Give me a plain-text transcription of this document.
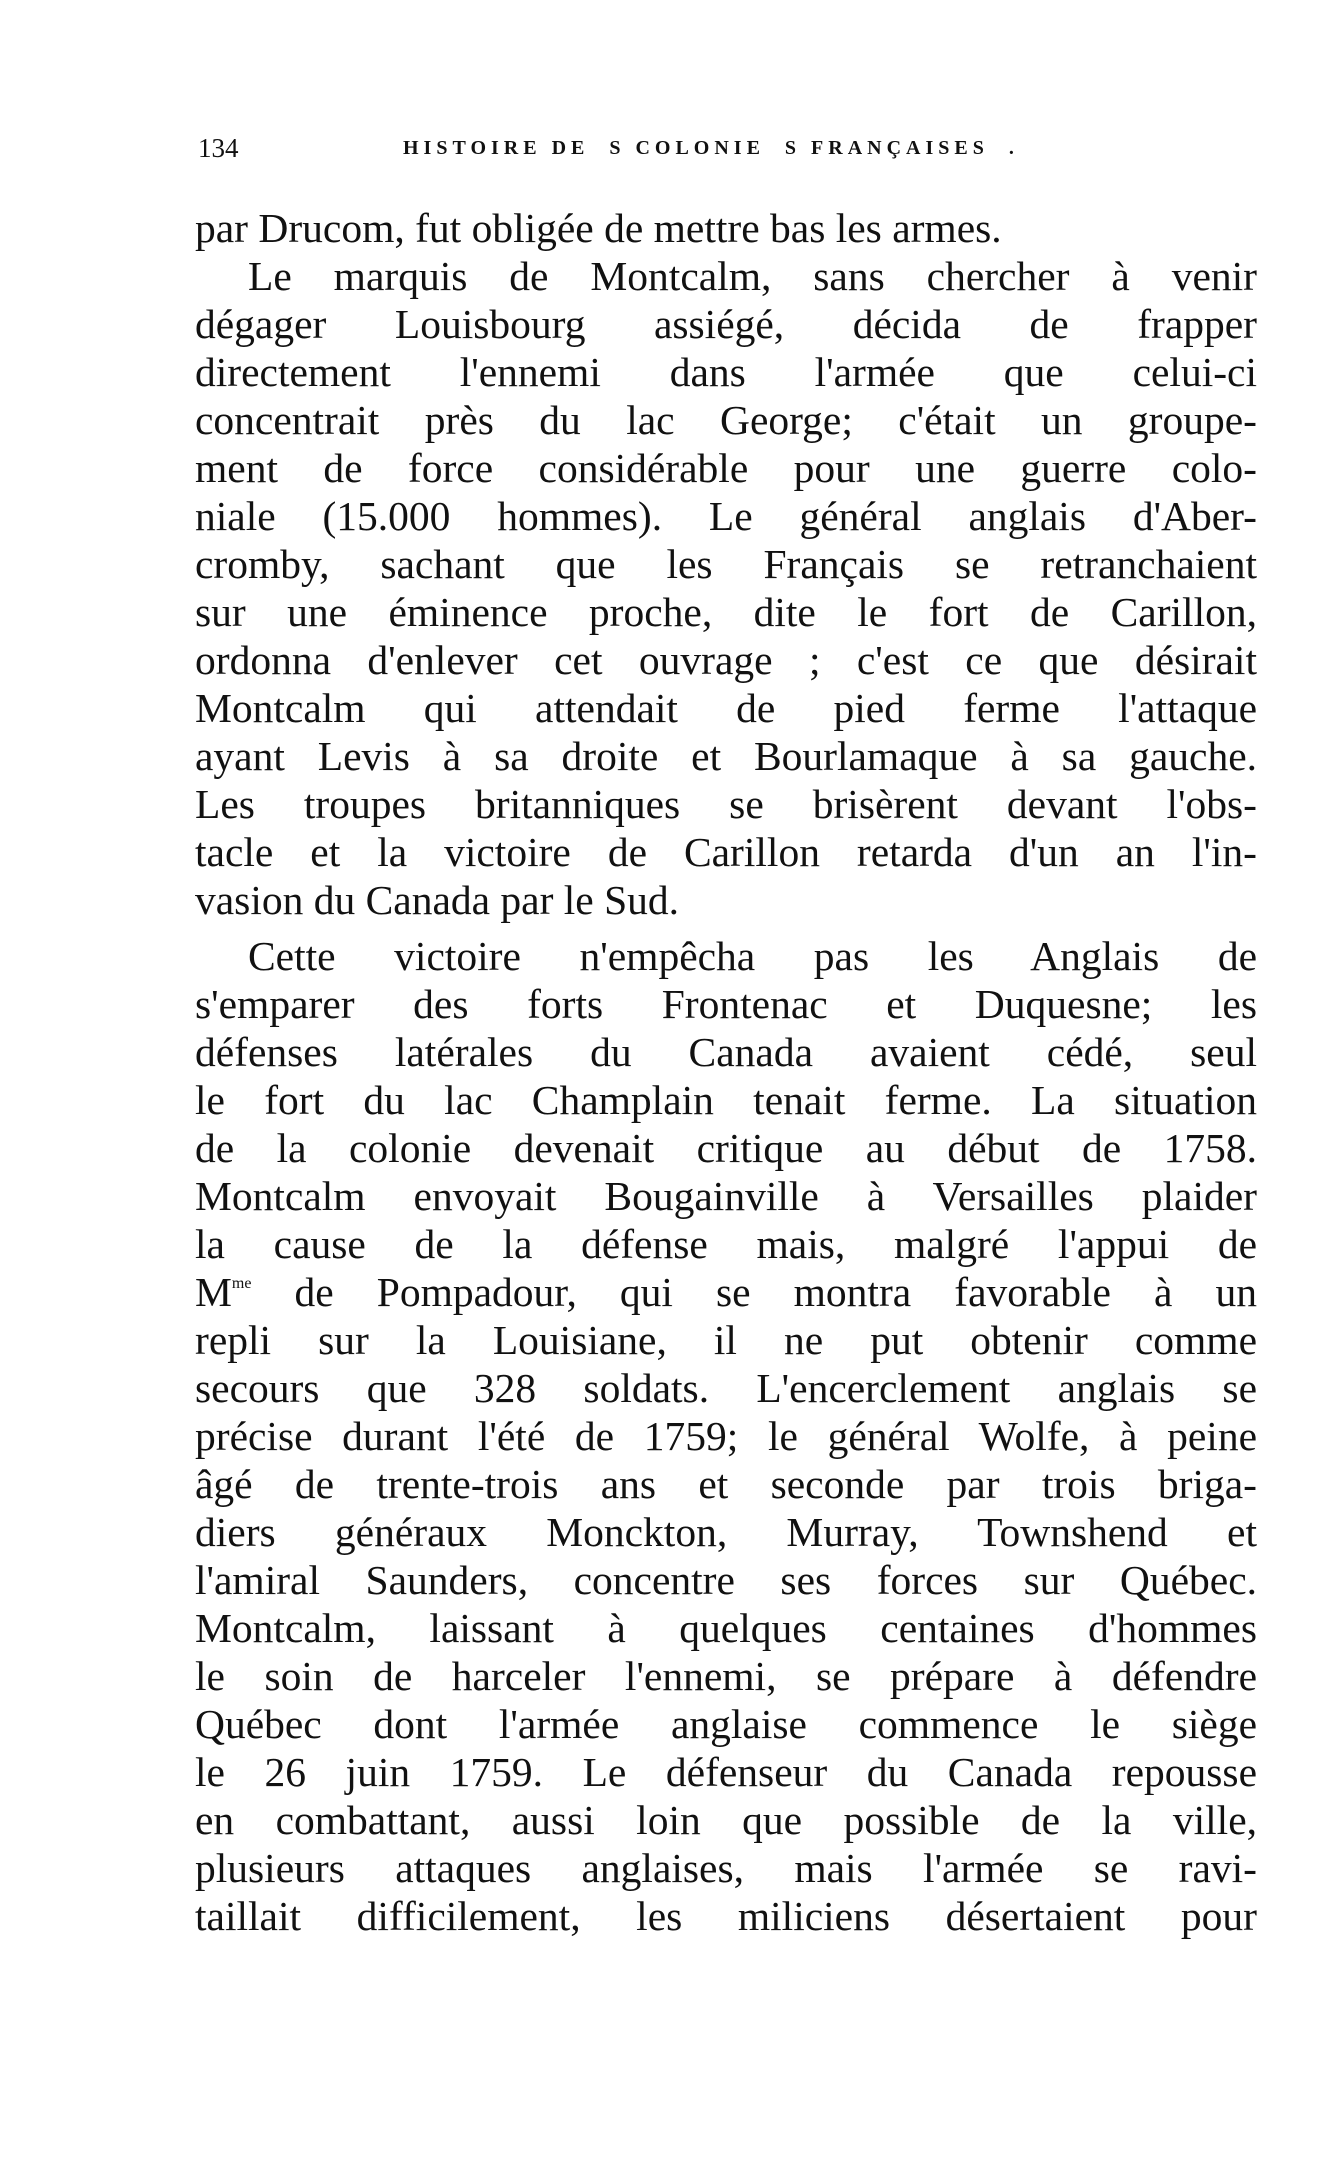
134	HISTOIRE DE  S COLONIE  S FRANÇAISES  .
par Drucom, fut obligée de mettre bas les armes.
Le marquis de Montcalm, sans chercher à venir
dégager Louisbourg assiégé, décida de frapper
directement l'ennemi dans l'armée que celui-ci
concentrait près du lac George; c'était un groupe-
ment de force considérable pour une guerre colo-
niale (15.000 hommes). Le général anglais d'Aber-
cromby, sachant que les Français se retranchaient
sur une éminence proche, dite le fort de Carillon,
ordonna d'enlever cet ouvrage ; c'est ce que désirait
Montcalm qui attendait de pied ferme l'attaque
ayant Levis à sa droite et Bourlamaque à sa gauche.
Les troupes britanniques se brisèrent devant l'obs-
tacle et la victoire de Carillon retarda d'un an l'in-
vasion du Canada par le Sud.
Cette victoire n'empêcha pas les Anglais de
s'emparer des forts Frontenac et Duquesne; les
défenses latérales du Canada avaient cédé, seul
le fort du lac Champlain tenait ferme. La situation
de la colonie devenait critique au début de 1758.
Montcalm envoyait Bougainville à Versailles plaider
la cause de la défense mais, malgré l'appui de
$M^{me}$ de Pompadour, qui se montra favorable à un
repli sur la Louisiane, il ne put obtenir comme
secours que 328 soldats. L'encerclement anglais se
précise durant l'été de 1759; le général Wolfe, à peine
âgé de trente-trois ans et seconde par trois briga-
diers généraux Monckton, Murray, Townshend et
l'amiral Saunders, concentre ses forces sur Québec.
Montcalm, laissant à quelques centaines d'hommes
le soin de harceler l'ennemi, se prépare à défendre
Québec dont l'armée anglaise commence le siège
le 26 juin 1759. Le défenseur du Canada repousse
en combattant, aussi loin que possible de la ville,
plusieurs attaques anglaises, mais l'armée se ravi-
taillait difficilement, les miliciens désertaient pour
